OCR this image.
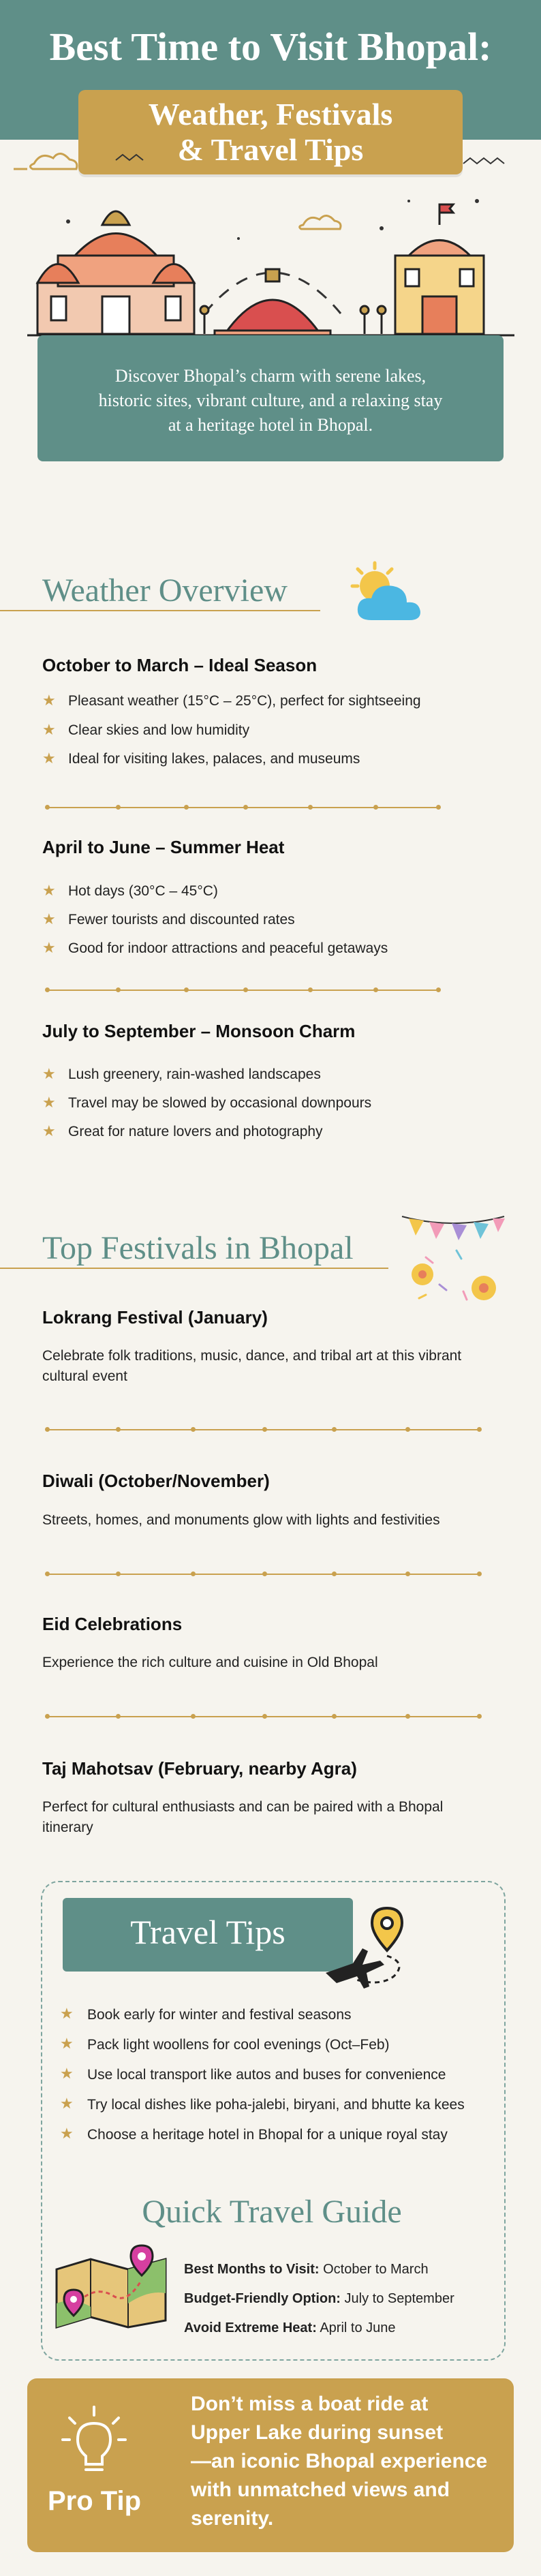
Best Time to Visit Bhopal:
Weather, Festivals
& Travel Tips
Discover Bhopal’s charm with serene lakes,
historic sites, vibrant culture, and a relaxing stay
at a heritage hotel in Bhopal.
Weather Overview
October to March – Ideal Season
★ Pleasant weather (15°C – 25°C), perfect for sightseeing
★ Clear skies and low humidity
★ Ideal for visiting lakes, palaces, and museums
April to June – Summer Heat
★ Hot days (30°C – 45°C)
★ Fewer tourists and discounted rates
★ Good for indoor attractions and peaceful getaways
July to September – Monsoon Charm
★ Lush greenery, rain-washed landscapes
★ Travel may be slowed by occasional downpours
★ Great for nature lovers and photography
Top Festivals in Bhopal
Lokrang Festival (January)
Celebrate folk traditions, music, dance, and tribal art at this vibrant
cultural event
Diwali (October/November)
Streets, homes, and monuments glow with lights and festivities
Eid Celebrations
Experience the rich culture and cuisine in Old Bhopal
Taj Mahotsav (February, nearby Agra)
Perfect for cultural enthusiasts and can be paired with a Bhopal
itinerary
Travel Tips
★ Book early for winter and festival seasons
★ Pack light woollens for cool evenings (Oct–Feb)
★ Use local transport like autos and buses for convenience
★ Try local dishes like poha-jalebi, biryani, and bhutte ka kees
★ Choose a heritage hotel in Bhopal for a unique royal stay
Quick Travel Guide
Best Months to Visit: October to March
Budget-Friendly Option: July to September
Avoid Extreme Heat: April to June
Pro Tip
Don’t miss a boat ride at
Upper Lake during sunset
—an iconic Bhopal experience
with unmatched views and
serenity.
